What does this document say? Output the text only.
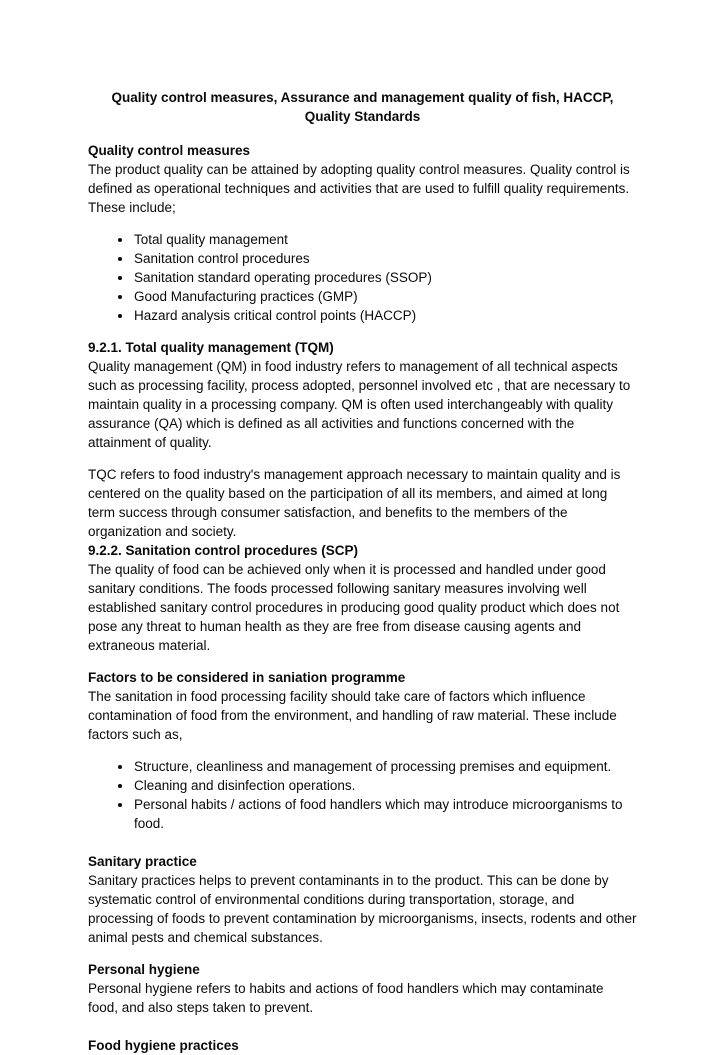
Quality control measures, Assurance and management quality of fish, HACCP, Quality Standards
Quality control measures

The product quality can be attained by adopting quality control measures. Quality control is defined as operational techniques and activities that are used to fulfill quality requirements. These include;

Total quality management
Sanitation control procedures
Sanitation standard operating procedures (SSOP)
Good Manufacturing practices (GMP)
Hazard analysis critical control points (HACCP)
9.2.1. Total quality management (TQM)

Quality management (QM) in food industry refers to management of all technical aspects such as processing facility, process adopted, personnel involved etc , that are necessary to maintain quality in a processing company. QM is often used interchangeably with quality assurance (QA) which is defined as all activities and functions concerned with the attainment of quality.

TQC refers to food industry's management approach necessary to maintain quality and is centered on the quality based on the participation of all its members, and aimed at long term success through consumer satisfaction, and benefits to the members of the organization and society.

9.2.2. Sanitation control procedures (SCP)

The quality of food can be achieved only when it is processed and handled under good sanitary conditions. The foods processed following sanitary measures involving well established sanitary control procedures in producing good quality product which does not pose any threat to human health as they are free from disease causing agents and extraneous material.

Factors to be considered in saniation programme

The sanitation in food processing facility should take care of factors which influence contamination of food from the environment, and handling of raw material. These include factors such as,

Structure, cleanliness and management of processing premises and equipment.
Cleaning and disinfection operations.
Personal habits / actions of food handlers which may introduce microorganisms to food.
Sanitary practice

Sanitary practices helps to prevent contaminants in to the product. This can be done by systematic control of environmental conditions during transportation, storage, and processing of foods to prevent contamination by microorganisms, insects, rodents and other animal pests and chemical substances.

Personal hygiene

Personal hygiene refers to habits and actions of food handlers which may contaminate food, and also steps taken to prevent.

Food hygiene practices
